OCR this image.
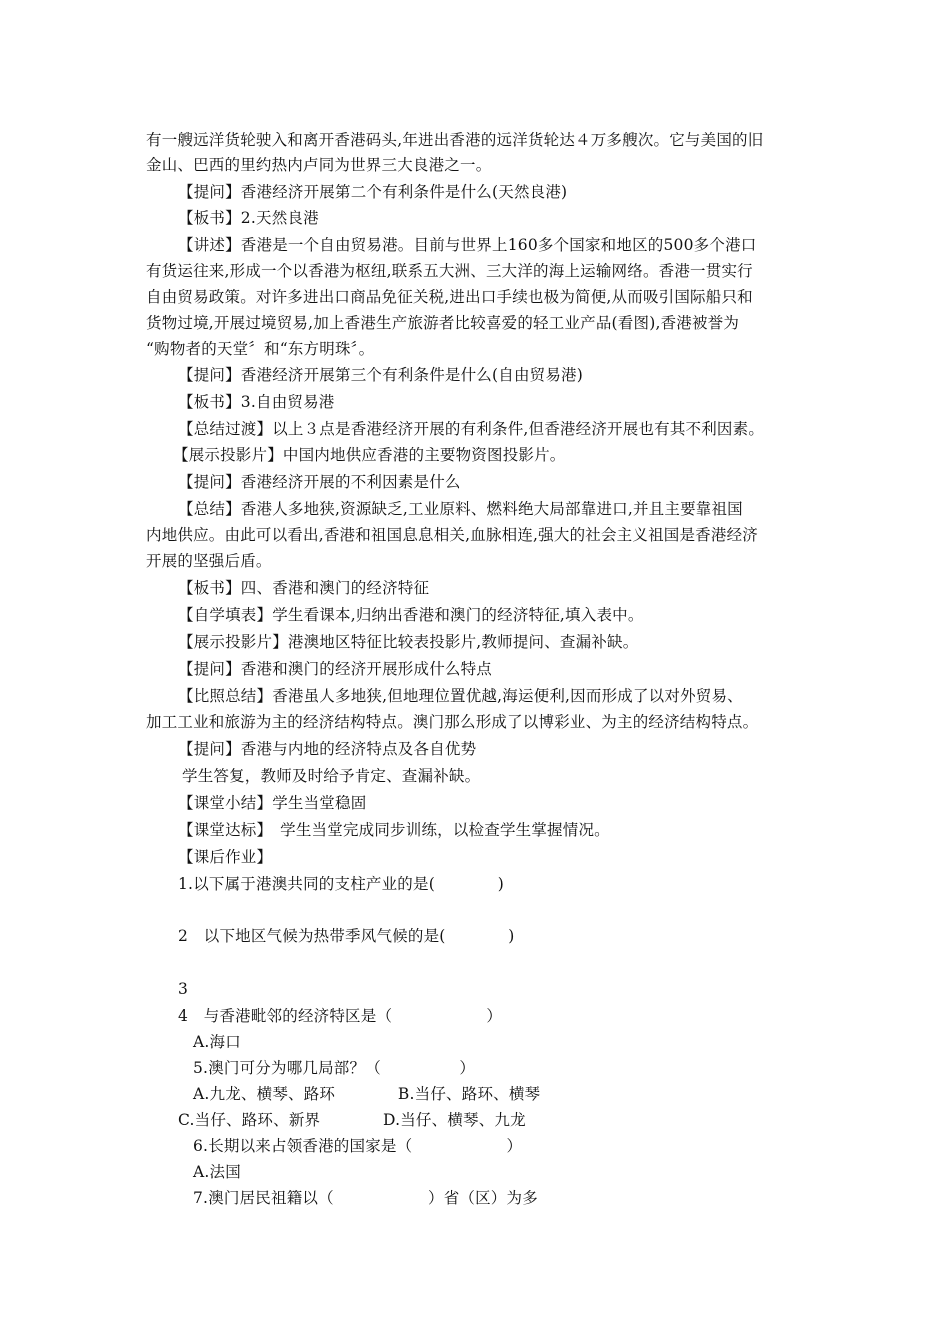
有一艘远洋货轮驶入和离开香港码头,年进出香港的远洋货轮达４万多艘次。它与美国的旧
金山、巴西的里约热内卢同为世界三大良港之一。
【提问】香港经济开展第二个有利条件是什么(天然良港)
【板书】2.天然良港
【讲述】香港是一个自由贸易港。目前与世界上160多个国家和地区的500多个港口
有货运往来,形成一个以香港为枢纽,联系五大洲、三大洋的海上运输网络。香港一贯实行
自由贸易政策。对许多进出口商品免征关税,进出口手续也极为简便,从而吸引国际船只和
货物过境,开展过境贸易,加上香港生产旅游者比较喜爱的轻工业产品(看图),香港被誉为
“购物者的天堂〞和“东方明珠〞。
【提问】香港经济开展第三个有利条件是什么(自由贸易港)
【板书】3.自由贸易港
【总结过渡】以上３点是香港经济开展的有利条件,但香港经济开展也有其不利因素。
【展示投影片】中国内地供应香港的主要物资图投影片。
【提问】香港经济开展的不利因素是什么
【总结】香港人多地狭,资源缺乏,工业原料、燃料绝大局部靠进口,并且主要靠祖国
内地供应。由此可以看出,香港和祖国息息相关,血脉相连,强大的社会主义祖国是香港经济
开展的坚强后盾。
【板书】四、香港和澳门的经济特征
【自学填表】学生看课本,归纳出香港和澳门的经济特征,填入表中。
【展示投影片】港澳地区特征比较表投影片,教师提问、查漏补缺。
【提问】香港和澳门的经济开展形成什么特点
【比照总结】香港虽人多地狭,但地理位置优越,海运便利,因而形成了以对外贸易、
加工工业和旅游为主的经济结构特点。澳门那么形成了以博彩业、为主的经济结构特点。
【提问】香港与内地的经济特点及各自优势
学生答复，教师及时给予肯定、查漏补缺。
【课堂小结】学生当堂稳固
【课堂达标】　学生当堂完成同步训练，以检查学生掌握情况。
【课后作业】
1.以下属于港澳共同的支柱产业的是(　　　　)
2　以下地区气候为热带季风气候的是(　　　　)
3
4　与香港毗邻的经济特区是（　　　　　　）
A.海口
5.澳门可分为哪几局部？（　　　　　）
A.九龙、横琴、路环　　　　B.当仔、路环、横琴
C.当仔、路环、新界　　　　D.当仔、横琴、九龙
6.长期以来占领香港的国家是（　　　　　　）
A.法国
7.澳门居民祖籍以（　　　　　　）省（区）为多
